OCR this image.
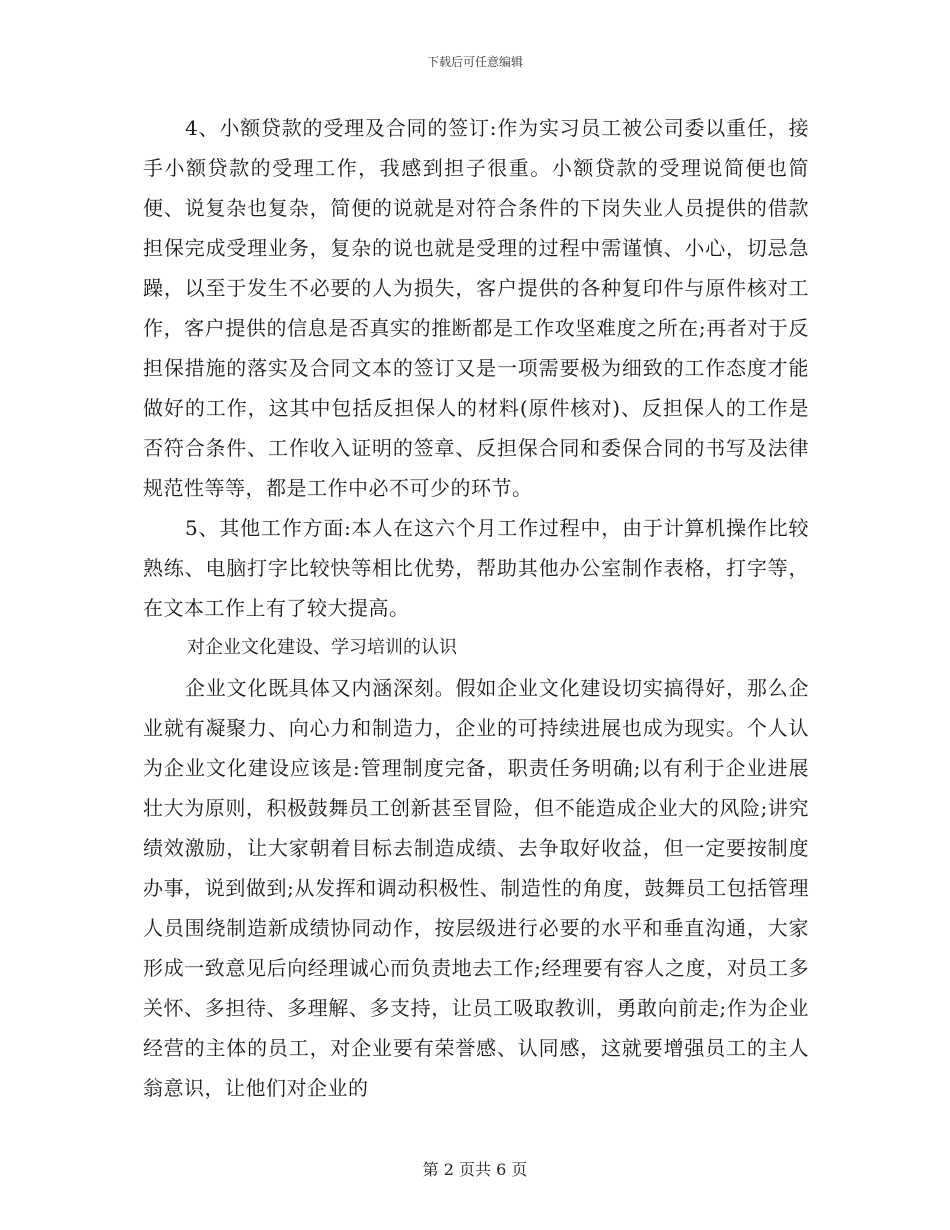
下载后可任意编辑

4、小额贷款的受理及合同的签订:作为实习员工被公司委以重任，接手小额贷款的受理工作，我感到担子很重。小额贷款的受理说简便也简便、说复杂也复杂，简便的说就是对符合条件的下岗失业人员提供的借款担保完成受理业务，复杂的说也就是受理的过程中需谨慎、小心，切忌急躁，以至于发生不必要的人为损失，客户提供的各种复印件与原件核对工作，客户提供的信息是否真实的推断都是工作攻坚难度之所在;再者对于反担保措施的落实及合同文本的签订又是一项需要极为细致的工作态度才能做好的工作，这其中包括反担保人的材料(原件核对)、反担保人的工作是否符合条件、工作收入证明的签章、反担保合同和委保合同的书写及法律规范性等等，都是工作中必不可少的环节。

5、其他工作方面:本人在这六个月工作过程中，由于计算机操作比较熟练、电脑打字比较快等相比优势，帮助其他办公室制作表格，打字等，在文本工作上有了较大提高。

对企业文化建设、学习培训的认识

企业文化既具体又内涵深刻。假如企业文化建设切实搞得好，那么企业就有凝聚力、向心力和制造力，企业的可持续进展也成为现实。个人认为企业文化建设应该是:管理制度完备，职责任务明确;以有利于企业进展壮大为原则，积极鼓舞员工创新甚至冒险，但不能造成企业大的风险;讲究绩效激励，让大家朝着目标去制造成绩、去争取好收益，但一定要按制度办事，说到做到;从发挥和调动积极性、制造性的角度，鼓舞员工包括管理人员围绕制造新成绩协同动作，按层级进行必要的水平和垂直沟通，大家形成一致意见后向经理诚心而负责地去工作;经理要有容人之度，对员工多关怀、多担待、多理解、多支持，让员工吸取教训，勇敢向前走;作为企业经营的主体的员工，对企业要有荣誉感、认同感，这就要增强员工的主人翁意识，让他们对企业的

第 2 页共 6 页
